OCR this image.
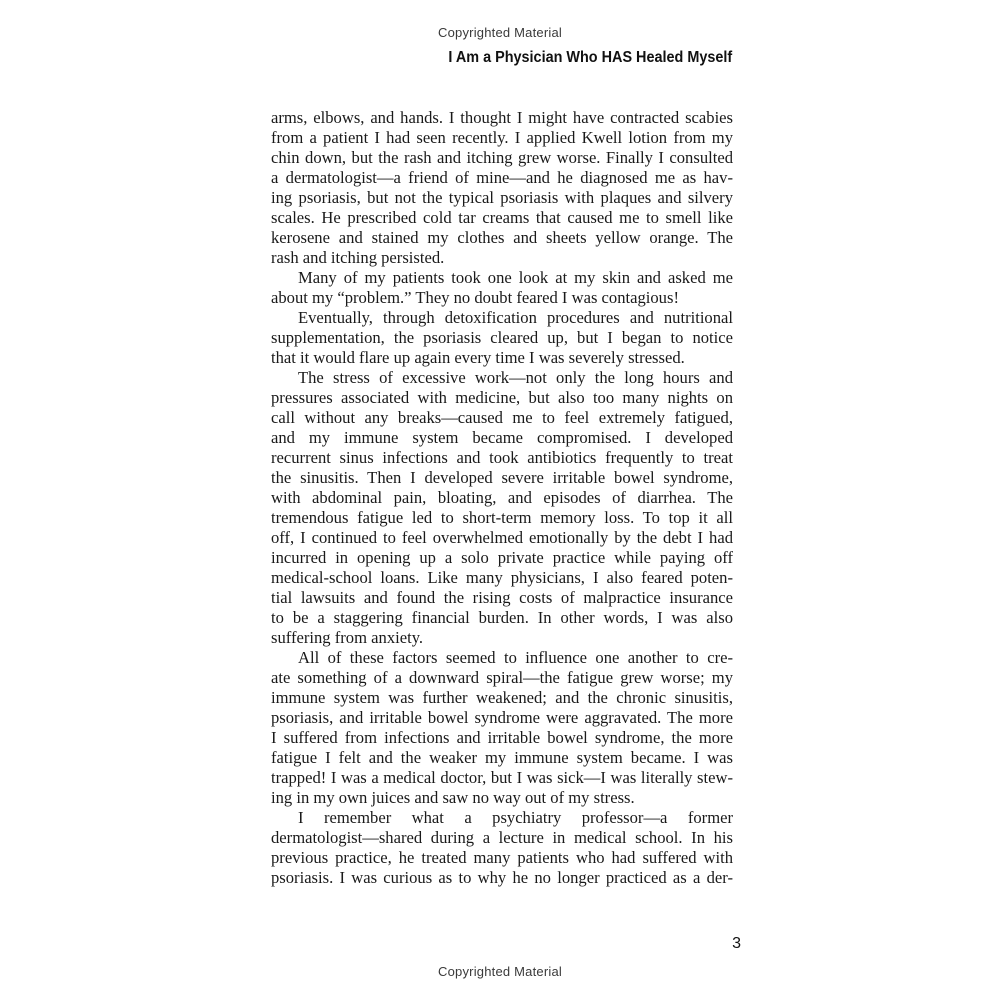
Copyrighted Material
I Am a Physician Who HAS Healed Myself
arms, elbows, and hands. I thought I might have contracted scabies
from a patient I had seen recently. I applied Kwell lotion from my
chin down, but the rash and itching grew worse. Finally I consulted
a dermatologist—a friend of mine—and he diagnosed me as hav-
ing psoriasis, but not the typical psoriasis with plaques and silvery
scales. He prescribed cold tar creams that caused me to smell like
kerosene and stained my clothes and sheets yellow orange. The
rash and itching persisted.
Many of my patients took one look at my skin and asked me
about my “problem.” They no doubt feared I was contagious!
Eventually, through detoxification procedures and nutritional
supplementation, the psoriasis cleared up, but I began to notice
that it would flare up again every time I was severely stressed.
The stress of excessive work—not only the long hours and
pressures associated with medicine, but also too many nights on
call without any breaks—caused me to feel extremely fatigued,
and my immune system became compromised. I developed
recurrent sinus infections and took antibiotics frequently to treat
the sinusitis. Then I developed severe irritable bowel syndrome,
with abdominal pain, bloating, and episodes of diarrhea. The
tremendous fatigue led to short-term memory loss. To top it all
off, I continued to feel overwhelmed emotionally by the debt I had
incurred in opening up a solo private practice while paying off
medical-school loans. Like many physicians, I also feared poten-
tial lawsuits and found the rising costs of malpractice insurance
to be a staggering financial burden. In other words, I was also
suffering from anxiety.
All of these factors seemed to influence one another to cre-
ate something of a downward spiral—the fatigue grew worse; my
immune system was further weakened; and the chronic sinusitis,
psoriasis, and irritable bowel syndrome were aggravated. The more
I suffered from infections and irritable bowel syndrome, the more
fatigue I felt and the weaker my immune system became. I was
trapped! I was a medical doctor, but I was sick—I was literally stew-
ing in my own juices and saw no way out of my stress.
I remember what a psychiatry professor—a former
dermatologist—shared during a lecture in medical school. In his
previous practice, he treated many patients who had suffered with
psoriasis. I was curious as to why he no longer practiced as a der-
3
Copyrighted Material
